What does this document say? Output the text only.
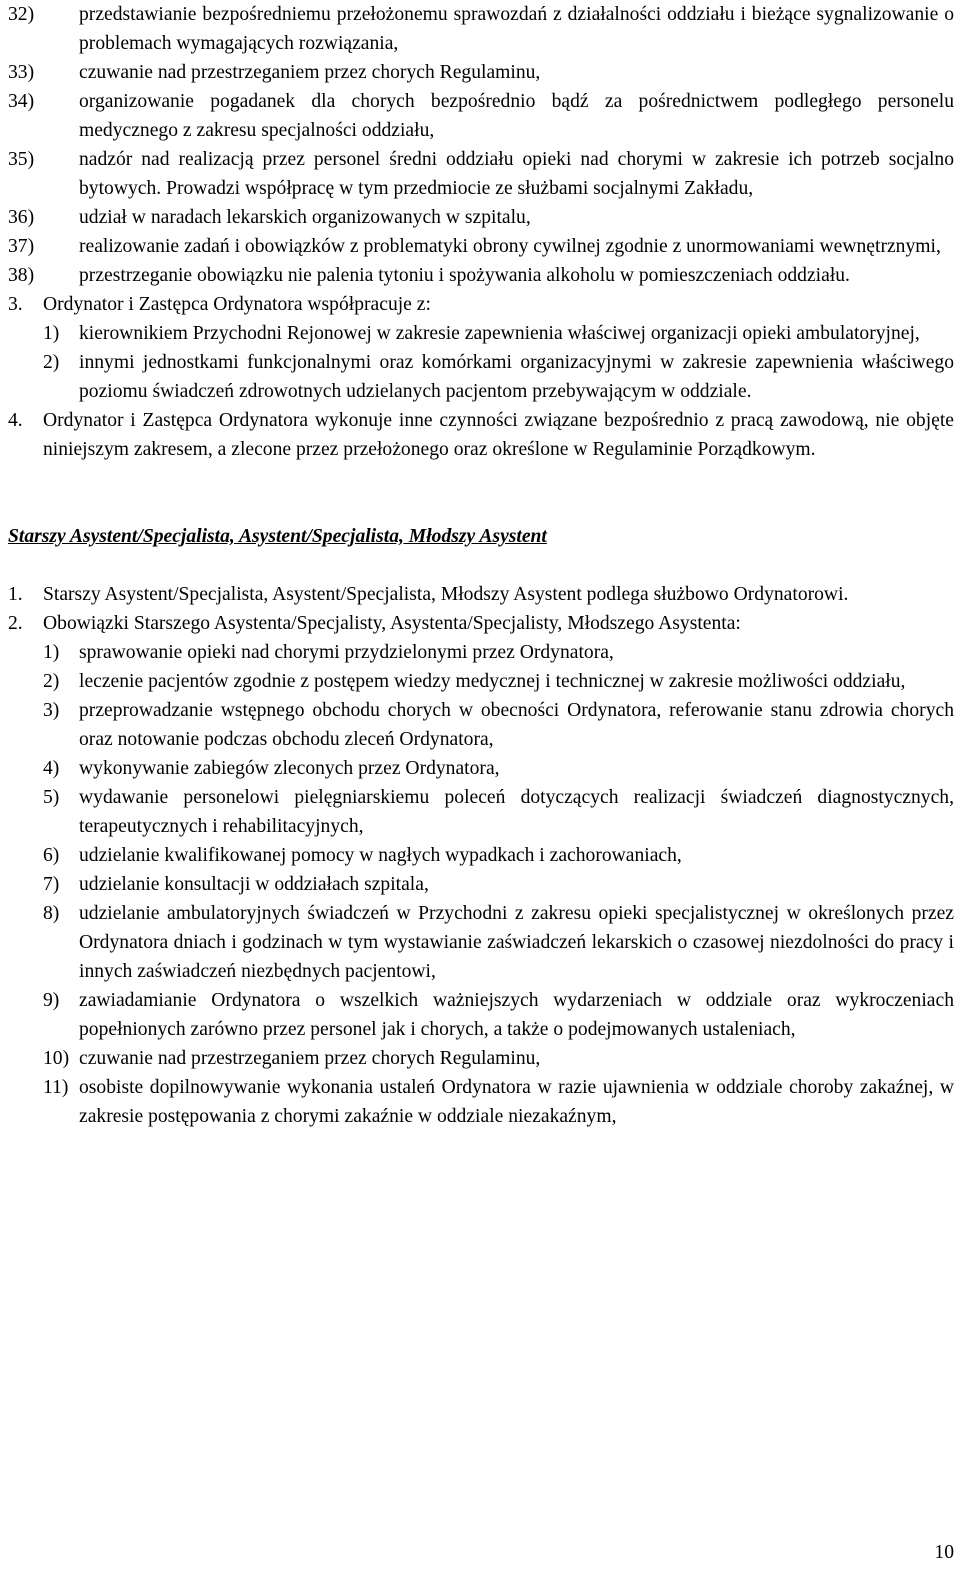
32)	przedstawianie bezpośredniemu przełożonemu sprawozdań z działalności oddziału i bieżące sygnalizowanie o problemach wymagających rozwiązania,
33)	czuwanie nad przestrzeganiem przez chorych Regulaminu,
34)	organizowanie pogadanek dla chorych bezpośrednio bądź za pośrednictwem podległego personelu medycznego z zakresu specjalności oddziału,
35)	nadzór nad realizacją przez personel średni oddziału opieki nad chorymi w zakresie ich potrzeb socjalno bytowych. Prowadzi współpracę w tym przedmiocie ze służbami socjalnymi Zakładu,
36)	udział w naradach lekarskich organizowanych w szpitalu,
37)	realizowanie zadań i obowiązków z problematyki obrony cywilnej zgodnie z unormowaniami wewnętrznymi,
38)	przestrzeganie obowiązku nie palenia tytoniu i spożywania alkoholu w pomieszczeniach oddziału.
3.	Ordynator i Zastępca Ordynatora współpracuje z:
1)	kierownikiem Przychodni Rejonowej w zakresie zapewnienia właściwej organizacji opieki ambulatoryjnej,
2)	innymi jednostkami funkcjonalnymi oraz komórkami organizacyjnymi w zakresie zapewnienia właściwego poziomu świadczeń zdrowotnych udzielanych pacjentom przebywającym w oddziale.
4.	Ordynator i Zastępca Ordynatora wykonuje inne czynności związane bezpośrednio z pracą zawodową, nie objęte niniejszym zakresem, a zlecone przez przełożonego oraz określone w Regulaminie Porządkowym.
Starszy Asystent/Specjalista, Asystent/Specjalista, Młodszy Asystent
1.	Starszy Asystent/Specjalista, Asystent/Specjalista, Młodszy Asystent podlega służbowo Ordynatorowi.
2.	Obowiązki Starszego Asystenta/Specjalisty, Asystenta/Specjalisty, Młodszego Asystenta:
1)	sprawowanie opieki nad chorymi przydzielonymi przez Ordynatora,
2)	leczenie pacjentów zgodnie z postępem wiedzy medycznej i technicznej w zakresie możliwości oddziału,
3)	przeprowadzanie wstępnego obchodu chorych w obecności Ordynatora, referowanie stanu zdrowia chorych oraz notowanie podczas obchodu zleceń Ordynatora,
4)	wykonywanie zabiegów zleconych przez Ordynatora,
5)	wydawanie personelowi pielęgniarskiemu poleceń dotyczących realizacji świadczeń diagnostycznych, terapeutycznych i rehabilitacyjnych,
6)	udzielanie kwalifikowanej pomocy w nagłych wypadkach i zachorowaniach,
7)	udzielanie konsultacji w oddziałach szpitala,
8)	udzielanie ambulatoryjnych świadczeń w Przychodni z zakresu opieki specjalistycznej w określonych przez Ordynatora dniach i godzinach w tym wystawianie zaświadczeń lekarskich o czasowej niezdolności do pracy i innych zaświadczeń niezbędnych pacjentowi,
9)	zawiadamianie Ordynatora o wszelkich ważniejszych wydarzeniach w oddziale oraz wykroczeniach popełnionych zarówno przez personel jak i chorych, a także o podejmowanych ustaleniach,
10) czuwanie nad przestrzeganiem przez chorych Regulaminu,
11) osobiste dopilnowywanie wykonania ustaleń Ordynatora w razie ujawnienia w oddziale choroby zakaźnej, w zakresie postępowania z chorymi zakaźnie w oddziale niezakaźnym,
10
